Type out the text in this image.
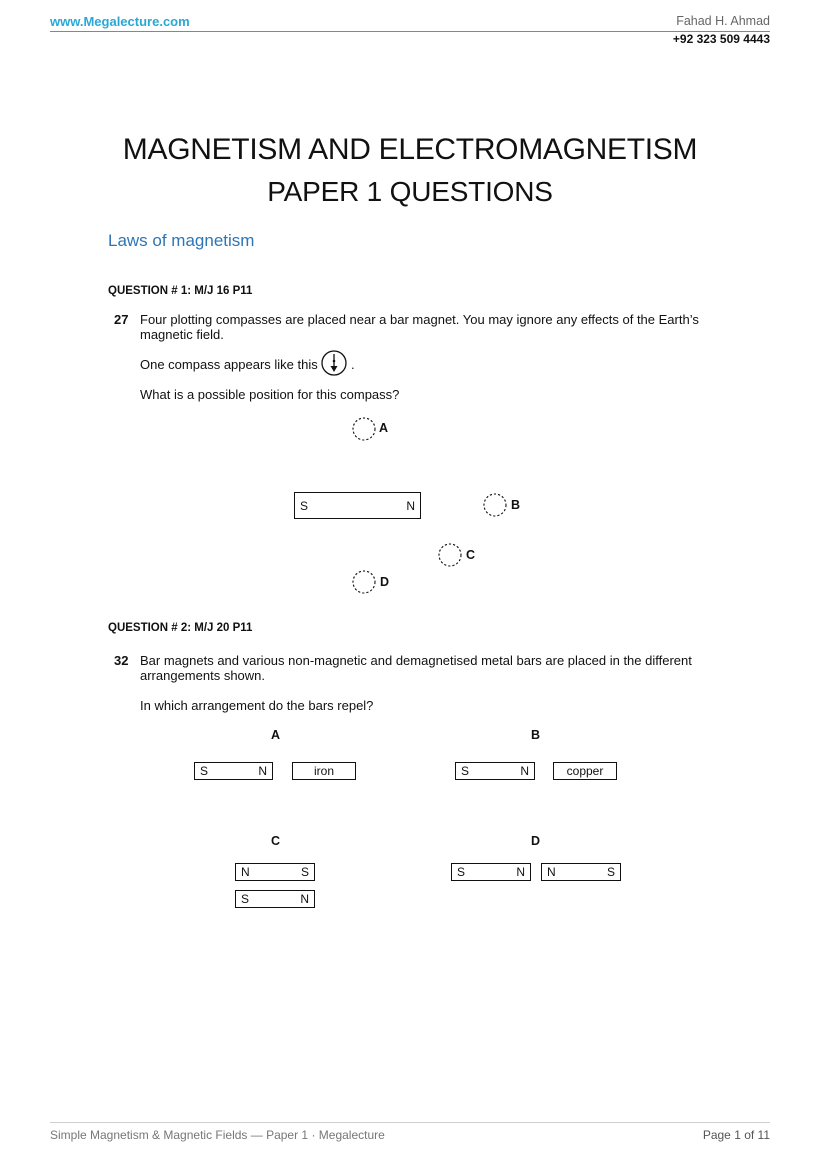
www.Megalecture.com	Fahad H. Ahmad
+92 323 509 4443
MAGNETISM AND ELECTROMAGNETISM
PAPER 1 QUESTIONS
Laws of magnetism
QUESTION # 1: M/J 16 P11
27 Four plotting compasses are placed near a bar magnet. You may ignore any effects of the Earth’s
magnetic field.
One compass appears like this	.
What is a possible position for this compass?
A
S	N	B
C
D
QUESTION # 2: M/J 20 P11
32 Bar magnets and various non-magnetic and demagnetised metal bars are placed in the different
arrangements shown.
In which arrangement do the bars repel?
A
S	N	iron
B
S	N	copper
C
N	S
S	N
D
S	N N	S
Simple Magnetism & Magnetic Fields — Paper 1 · Megalecture	Page 1 of 11
